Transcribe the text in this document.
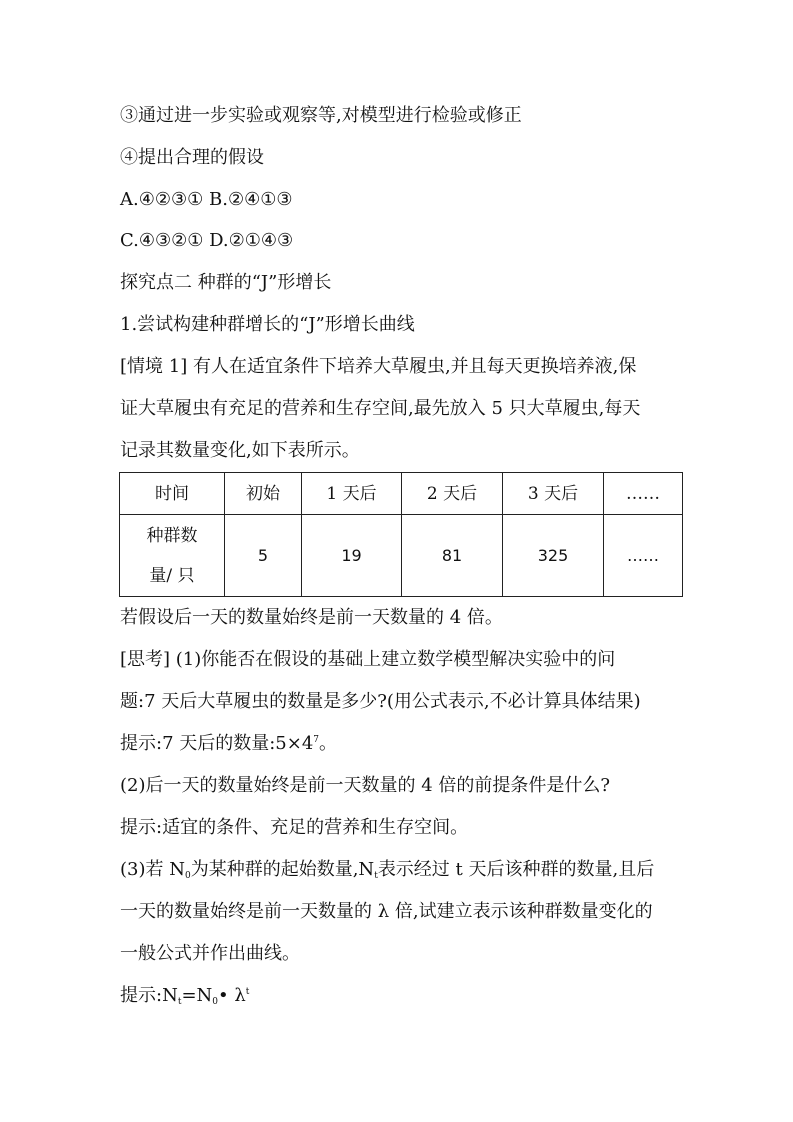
③通过进一步实验或观察等,对模型进行检验或修正

④提出合理的假设

A.④②③① B.②④①③

C.④③②① D.②①④③

探究点二 种群的“J”形增长

1.尝试构建种群增长的“J”形增长曲线

[情境 1] 有人在适宜条件下培养大草履虫,并且每天更换培养液,保

证大草履虫有充足的营养和生存空间,最先放入 5 只大草履虫,每天

记录其数量变化,如下表所示。

时间	初始	1 天后	2 天后	3 天后	……

种群数
量/ 只	5	19	81	325	……

若假设后一天的数量始终是前一天数量的 4 倍。

[思考] (1)你能否在假设的基础上建立数学模型解决实验中的问

题:7 天后大草履虫的数量是多少?(用公式表示,不必计算具体结果)

提示:7 天后的数量$:5\times 4^7$。

(2)后一天的数量始终是前一天数量的 4 倍的前提条件是什么?

提示:适宜的条件、充足的营养和生存空间。

(3)若 $N_0$为某种群的起始数量$,N_t$表示经过 t 天后该种群的数量,且后

一天的数量始终是前一天数量的 λ 倍,试建立表示该种群数量变化的

一般公式并作出曲线。

提示$:N_t=N_0•$ $\lambda^t$
